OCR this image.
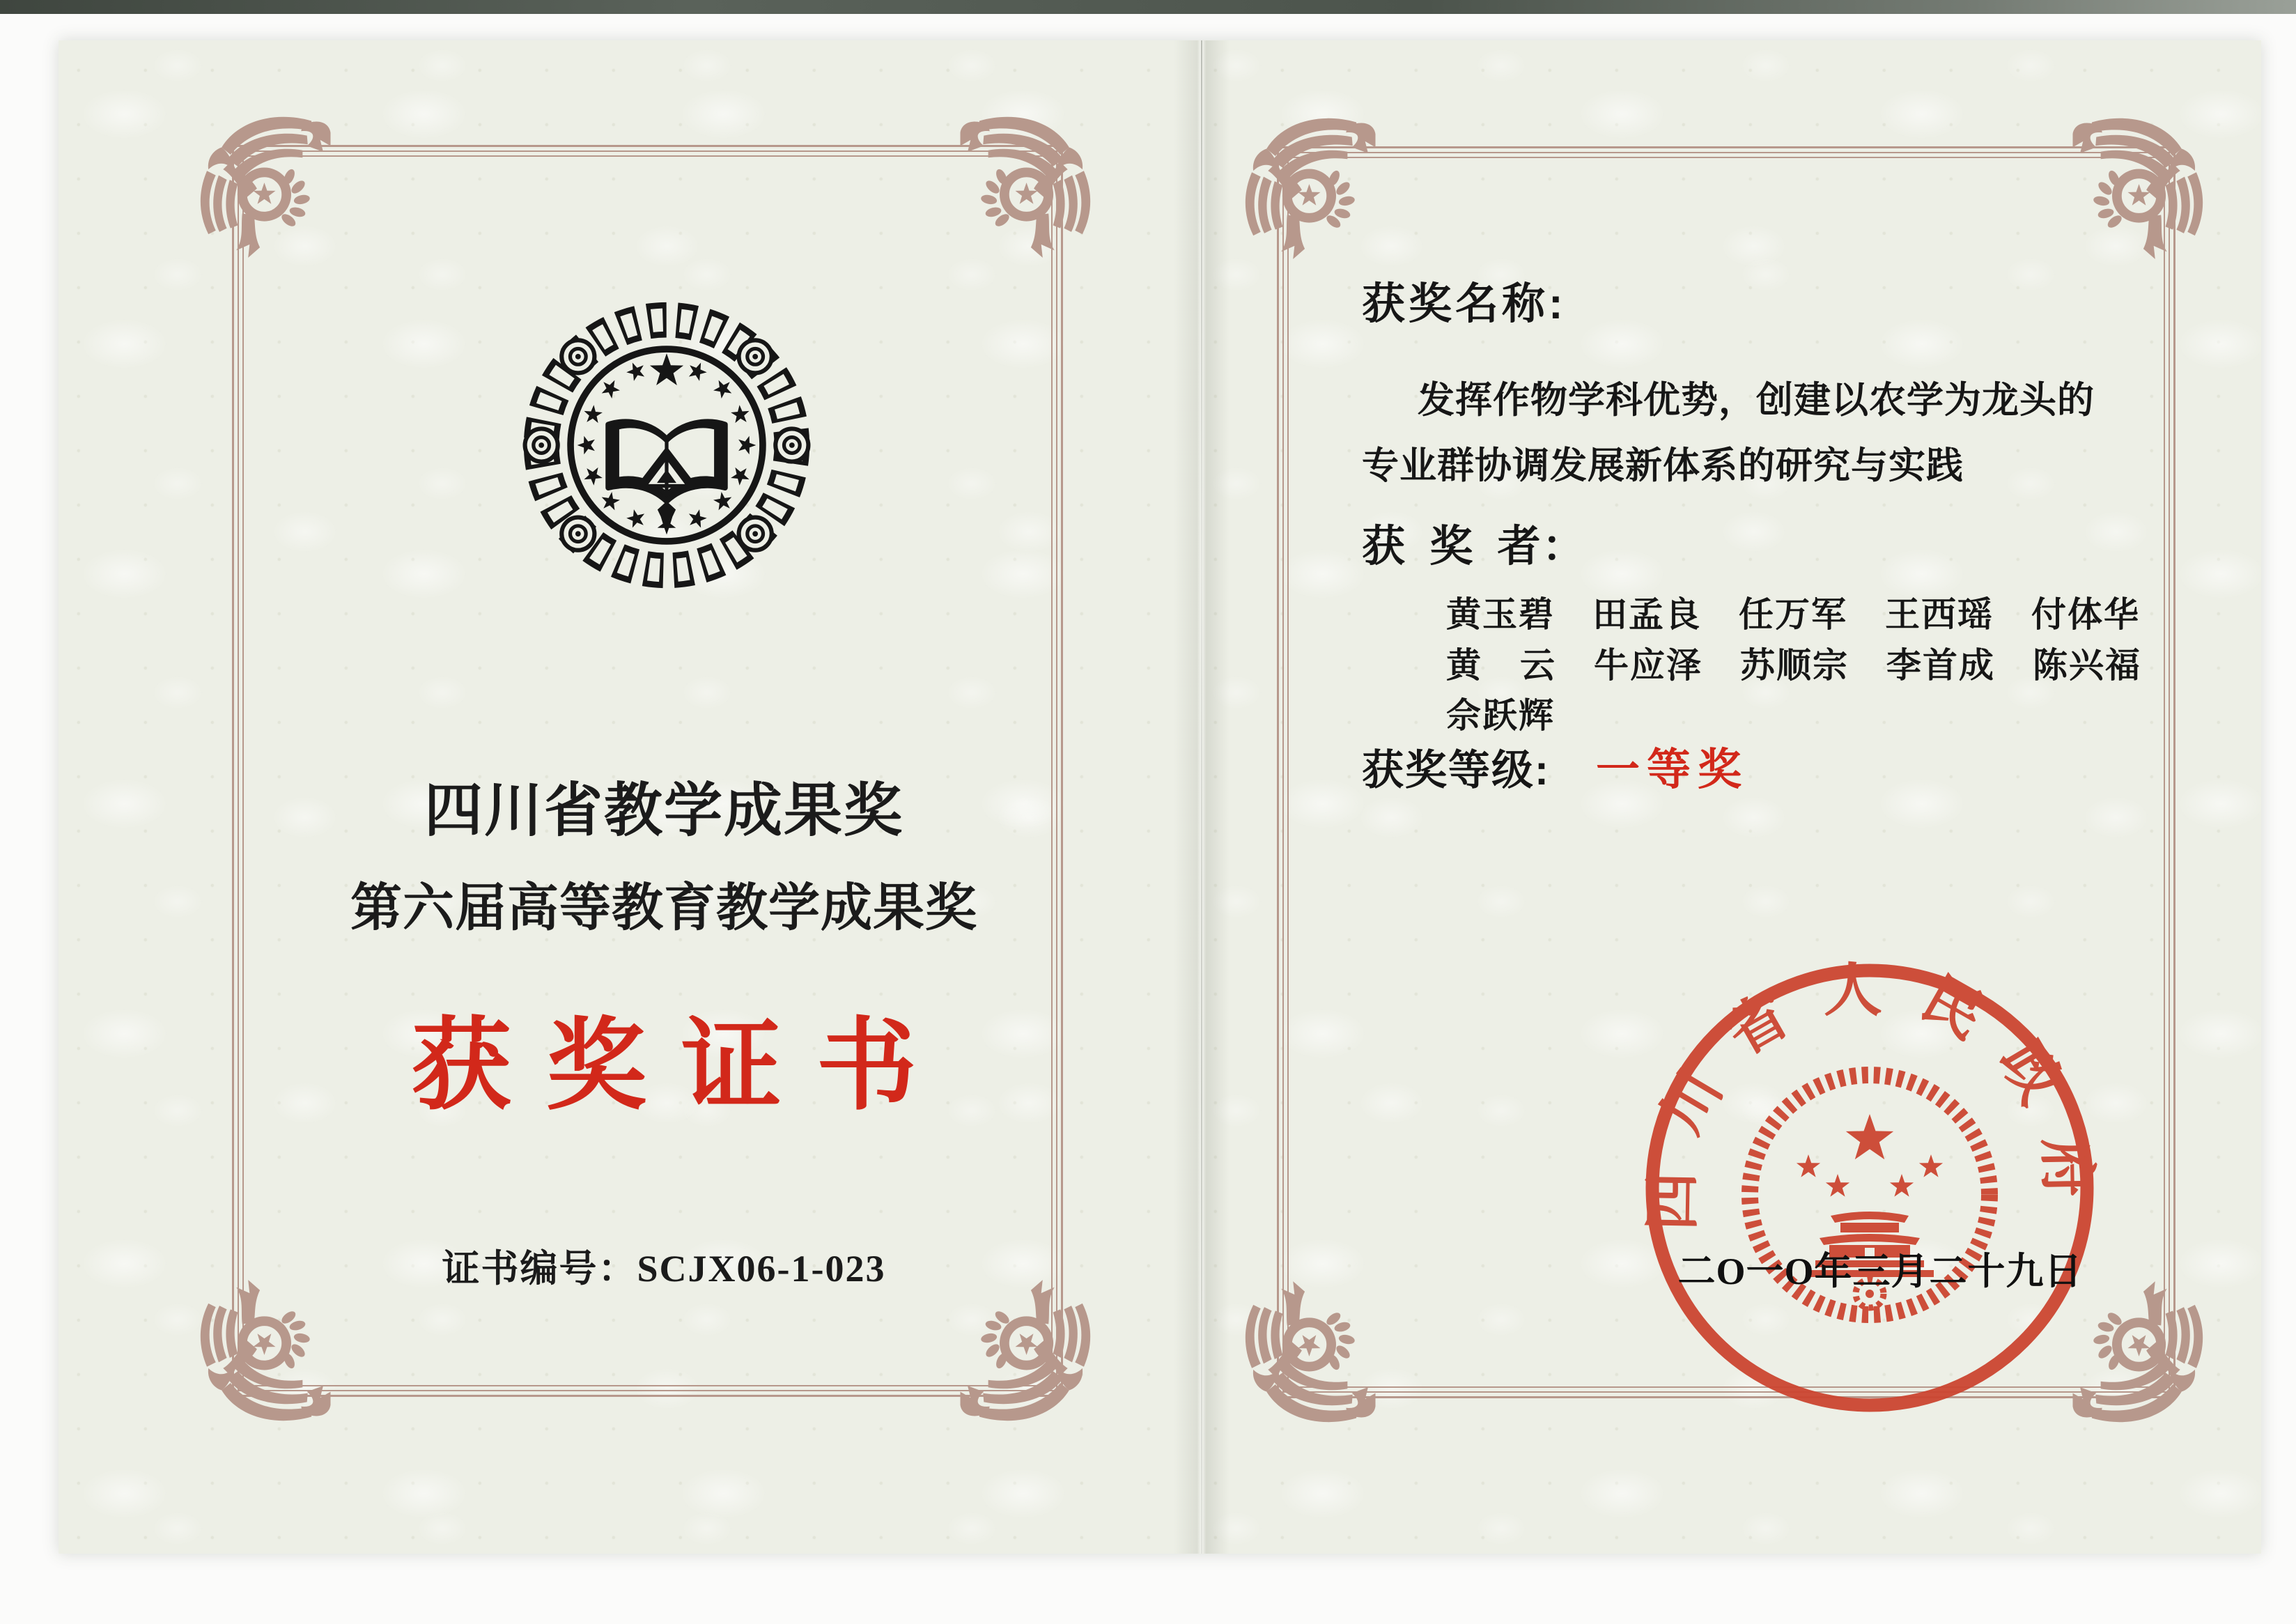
四川省教学成果奖
第六届高等教育教学成果奖
获奖证书
证书编号：SCJX06-1-023
获奖名称:
发挥作物学科优势，创建以农学为龙头的
专业群协调发展新体系的研究与实践
获 奖 者：
黄玉碧  田孟良  任万军  王西瑶  付体华
黄  云  牛应泽  苏顺宗  李首成  陈兴福
佘跃辉
获奖等级: 一等奖
四川省人民政府
二O一O年三月二十九日
